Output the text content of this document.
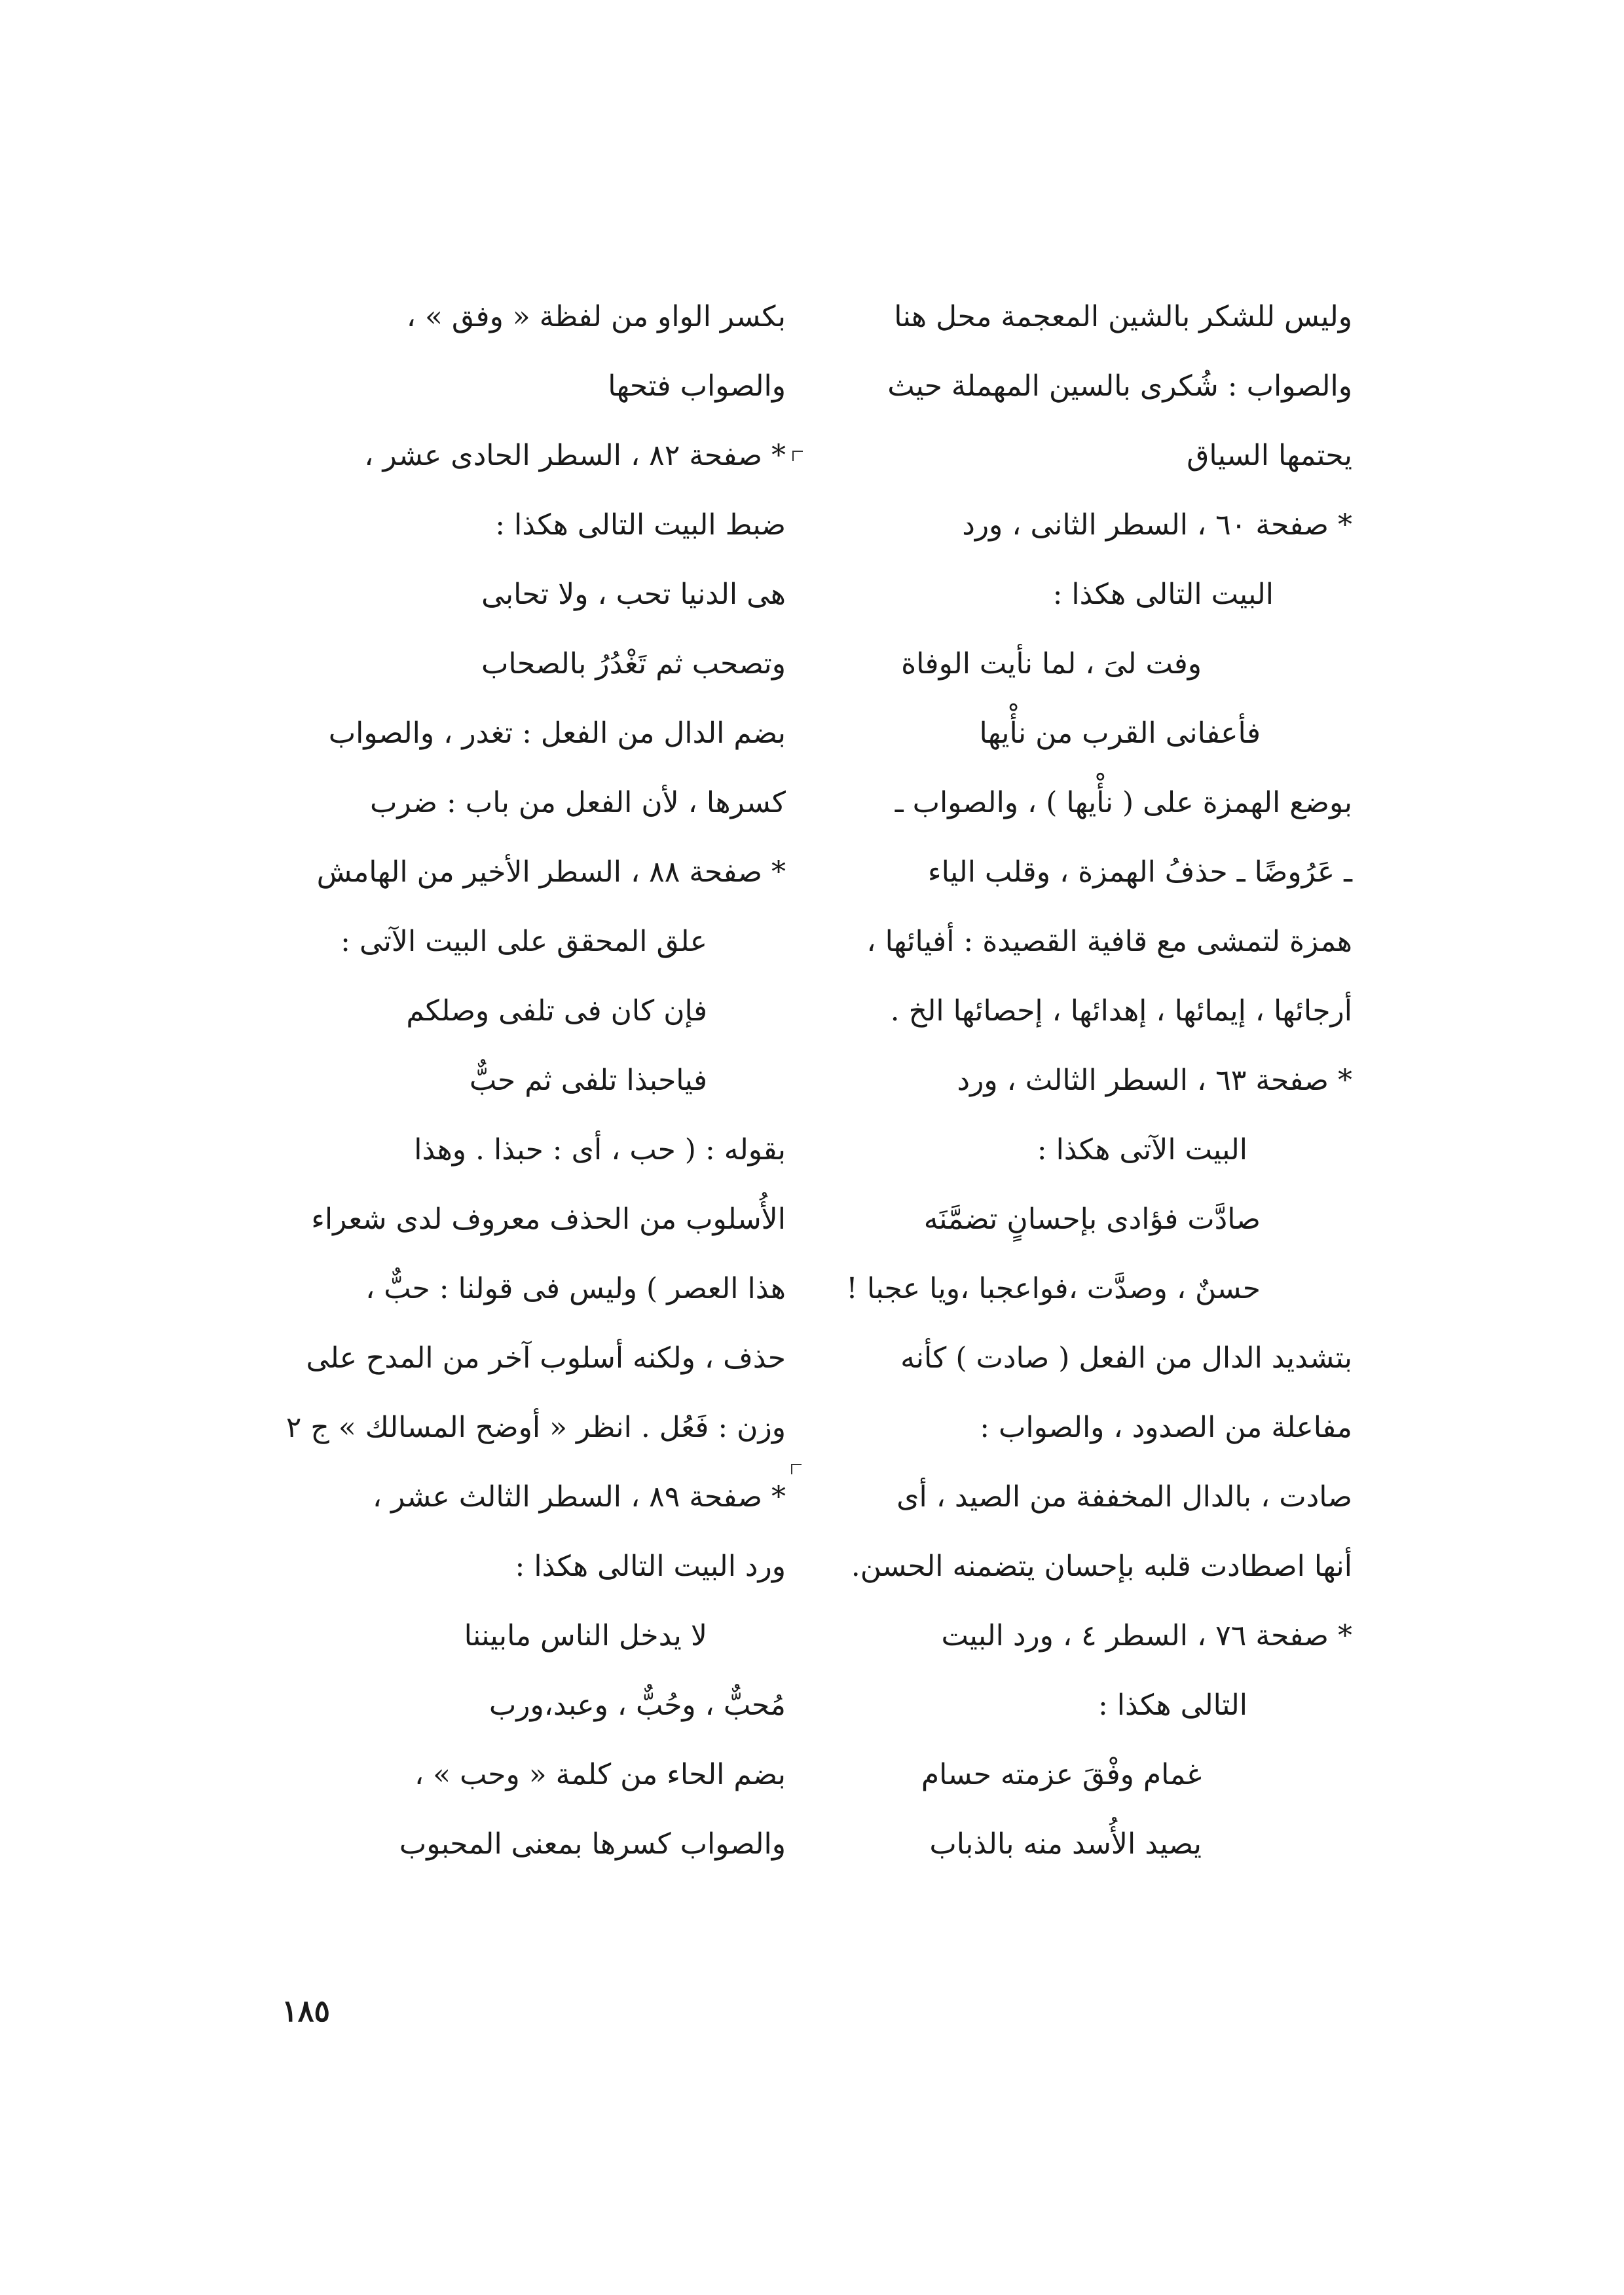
وليس للشكر بالشين المعجمة محل هنا
والصواب : شُكرى بالسين المهملة حيث
يحتمها السياق
* صفحة ٦٠ ، السطر الثانى ، ورد
البيت التالى هكذا :
وفت لىَ ، لما نأيت الوفاة
فأعفانى القرب من نأْيها
بوضع الهمزة على ( نأْيها ) ، والصواب ـ
ـ عَرُوضًا ـ حذفُ الهمزة ، وقلب الياء
همزة لتمشى مع قافية القصيدة : أفيائها ،
أرجائها ، إيمائها ، إهدائها ، إحصائها الخ .
* صفحة ٦٣ ، السطر الثالث ، ورد
البيت الآتى هكذا :
صادَّت فؤادى بإحسانٍ تضمَّنَه
حسنٌ ، وصدَّت ،فواعجبا ،ويا عجبا !
بتشديد الدال من الفعل ( صادت ) كأنه
مفاعلة من الصدود ، والصواب :
صادت ، بالدال المخففة من الصيد ، أى
أنها اصطادت قلبه بإحسان يتضمنه الحسن.
* صفحة ٧٦ ، السطر ٤ ، ورد البيت
التالى هكذا :
غمام وفْقَ عزمته حسام
يصيد الأُسد منه بالذباب
بكسر الواو من لفظة « وفق » ،
والصواب فتحها
* صفحة ٨٢ ، السطر الحادى عشر ،
ضبط البيت التالى هكذا :
هى الدنيا تحب ، ولا تحابى
وتصحب ثم تَغْدُرُ بالصحاب
بضم الدال من الفعل : تغدر ، والصواب
كسرها ، لأن الفعل من باب : ضرب
* صفحة ٨٨ ، السطر الأخير من الهامش
علق المحقق على البيت الآتى :
فإن كان فى تلفى وصلكم
فياحبذا تلفى ثم حبٌّ
بقوله : ( حب ، أى : حبذا . وهذا
الأُسلوب من الحذف معروف لدى شعراء
هذا العصر ) وليس فى قولنا : حبٌّ ،
حذف ، ولكنه أسلوب آخر من المدح على
وزن : فَعُل . انظر « أوضح المسالك » ج ٢
* صفحة ٨٩ ، السطر الثالث عشر ،
ورد البيت التالى هكذا :
لا يدخل الناس مابيننا
مُحبٌّ ، وحُبٌّ ، وعبد،ورب
بضم الحاء من كلمة « وحب » ،
والصواب كسرها بمعنى المحبوب
١٨٥
